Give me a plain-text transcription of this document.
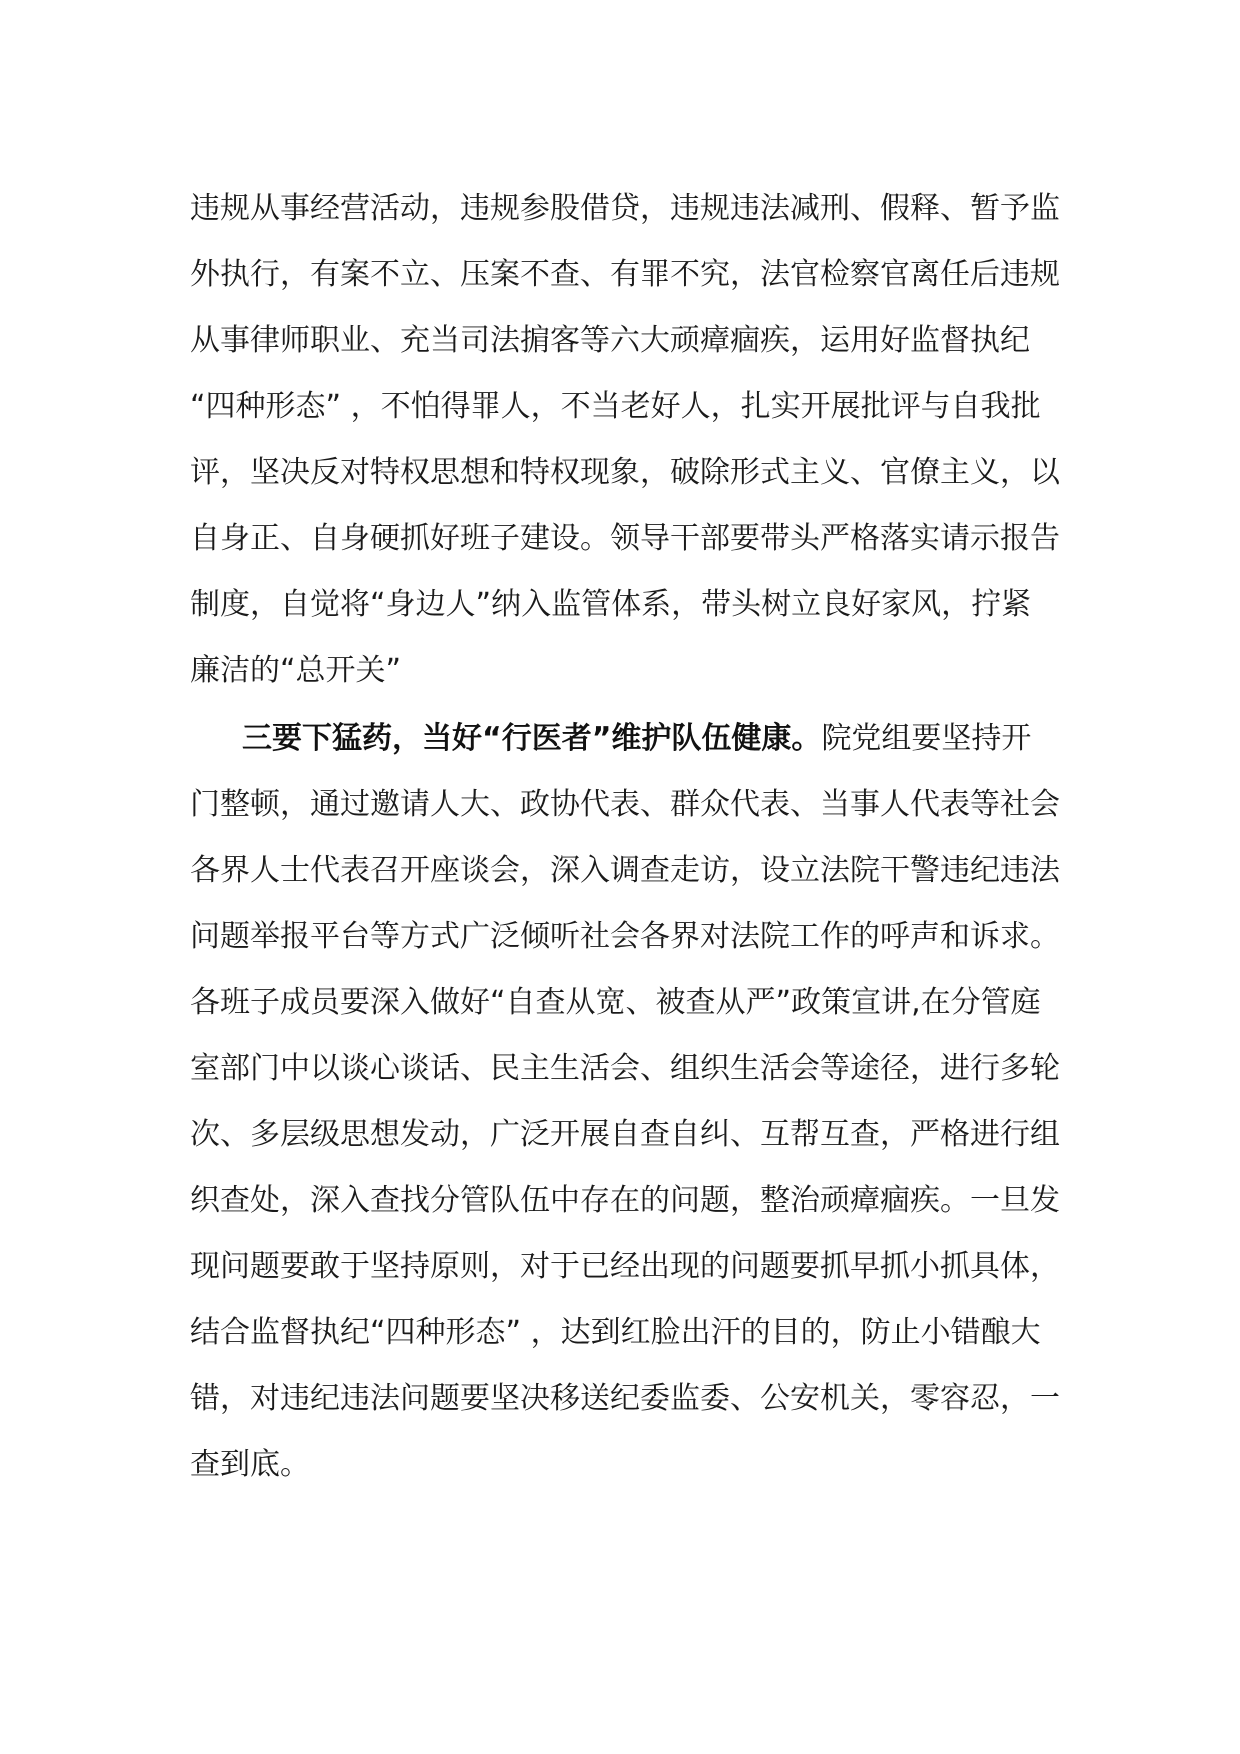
违规从事经营活动，违规参股借贷，违规违法减刑、假释、暂予监
外执行，有案不立、压案不查、有罪不究，法官检察官离任后违规
从事律师职业、充当司法掮客等六大顽瘴痼疾，运用好监督执纪
“四种形态” ，不怕得罪人，不当老好人，扎实开展批评与自我批
评，坚决反对特权思想和特权现象，破除形式主义、官僚主义，以
自身正、自身硬抓好班子建设。领导干部要带头严格落实请示报告
制度，自觉将“身边人”纳入监管体系，带头树立良好家风，拧紧
廉洁的“总开关”
三要下猛药，当好“行医者”维护队伍健康。院党组要坚持开
门整顿，通过邀请人大、政协代表、群众代表、当事人代表等社会
各界人士代表召开座谈会，深入调查走访，设立法院干警违纪违法
问题举报平台等方式广泛倾听社会各界对法院工作的呼声和诉求。
各班子成员要深入做好“自查从宽、被查从严”政策宣讲,在分管庭
室部门中以谈心谈话、民主生活会、组织生活会等途径，进行多轮
次、多层级思想发动，广泛开展自查自纠、互帮互查，严格进行组
织查处，深入查找分管队伍中存在的问题，整治顽瘴痼疾。一旦发
现问题要敢于坚持原则，对于已经出现的问题要抓早抓小抓具体，
结合监督执纪“四种形态” ，达到红脸出汗的目的，防止小错酿大
错，对违纪违法问题要坚决移送纪委监委、公安机关，零容忍，一
查到底。
